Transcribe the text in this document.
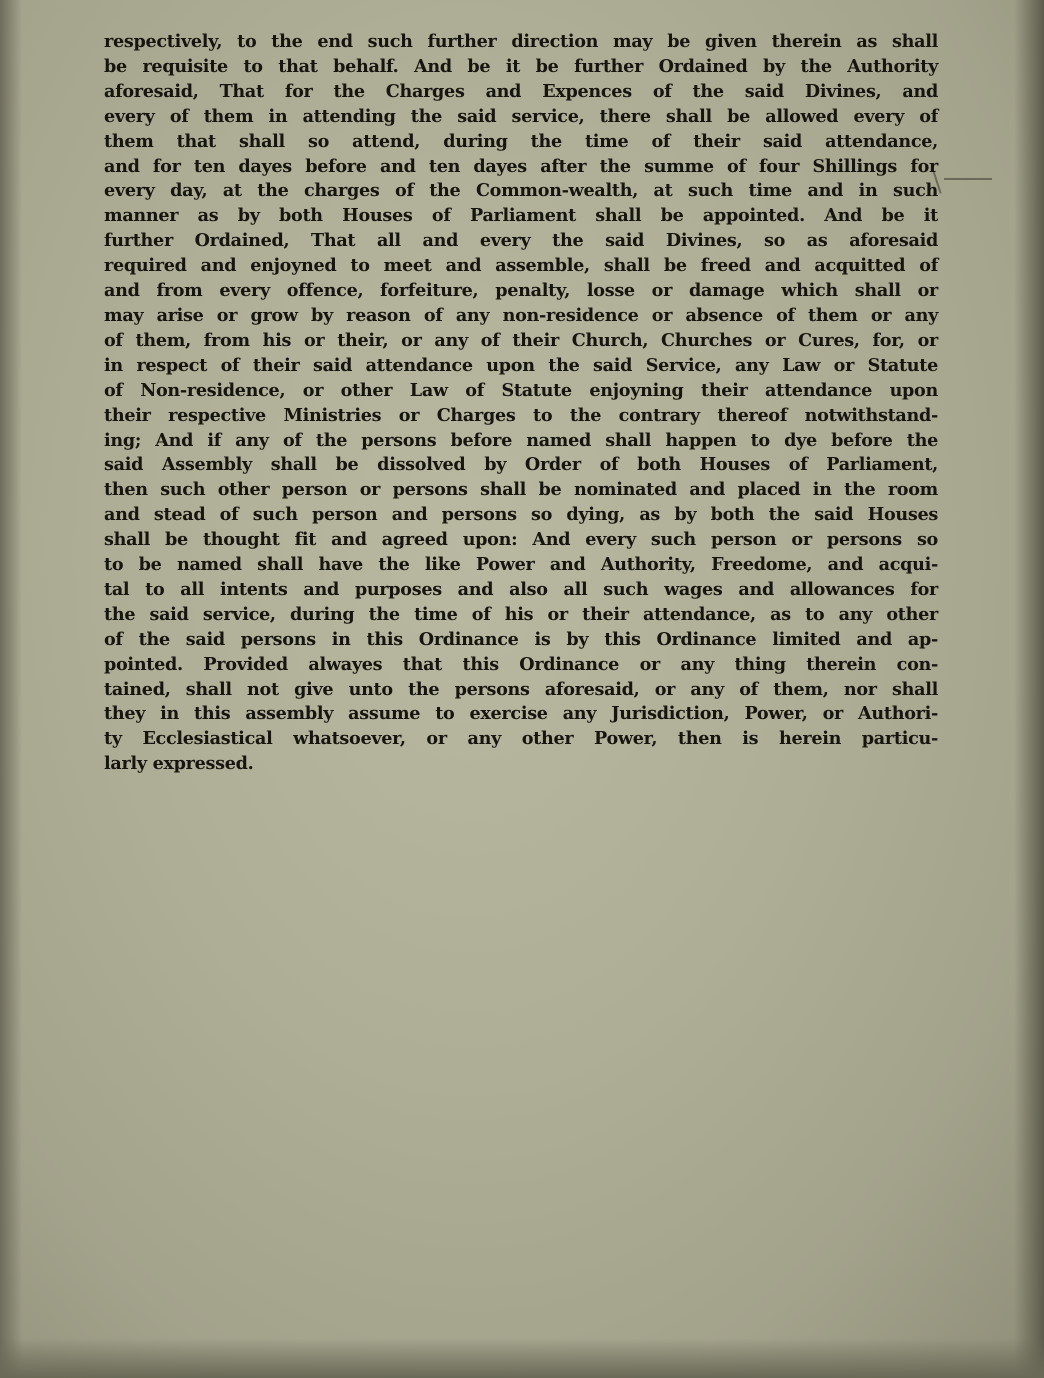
respectively, to the end such further direction may be given therein as shall
be requisite to that behalf. And be it be further Ordained by the Authority
aforesaid, That for the Charges and Expences of the said Divines, and
every of them in attending the said service, there shall be allowed every of
them that shall so attend, during the time of their said attendance,
and for ten dayes before and ten dayes after the summe of four Shillings for
every day, at the charges of the Common-wealth, at such time and in such
manner as by both Houses of Parliament shall be appointed. And be it
further Ordained, That all and every the said Divines, so as aforesaid
required and enjoyned to meet and assemble, shall be freed and acquitted of
and from every offence, forfeiture, penalty, losse or damage which shall or
may arise or grow by reason of any non-residence or absence of them or any
of them, from his or their, or any of their Church, Churches or Cures, for, or
in respect of their said attendance upon the said Service, any Law or Statute
of Non-residence, or other Law of Statute enjoyning their attendance upon
their respective Ministries or Charges to the contrary thereof notwithstand-
ing; And if any of the persons before named shall happen to dye before the
said Assembly shall be dissolved by Order of both Houses of Parliament,
then such other person or persons shall be nominated and placed in the room
and stead of such person and persons so dying, as by both the said Houses
shall be thought fit and agreed upon: And every such person or persons so
to be named shall have the like Power and Authority, Freedome, and acqui-
tal to all intents and purposes and also all such wages and allowances for
the said service, during the time of his or their attendance, as to any other
of the said persons in this Ordinance is by this Ordinance limited and ap-
pointed. Provided alwayes that this Ordinance or any thing therein con-
tained, shall not give unto the persons aforesaid, or any of them, nor shall
they in this assembly assume to exercise any Jurisdiction, Power, or Authori-
ty Ecclesiastical whatsoever, or any other Power, then is herein particu-
larly expressed.
